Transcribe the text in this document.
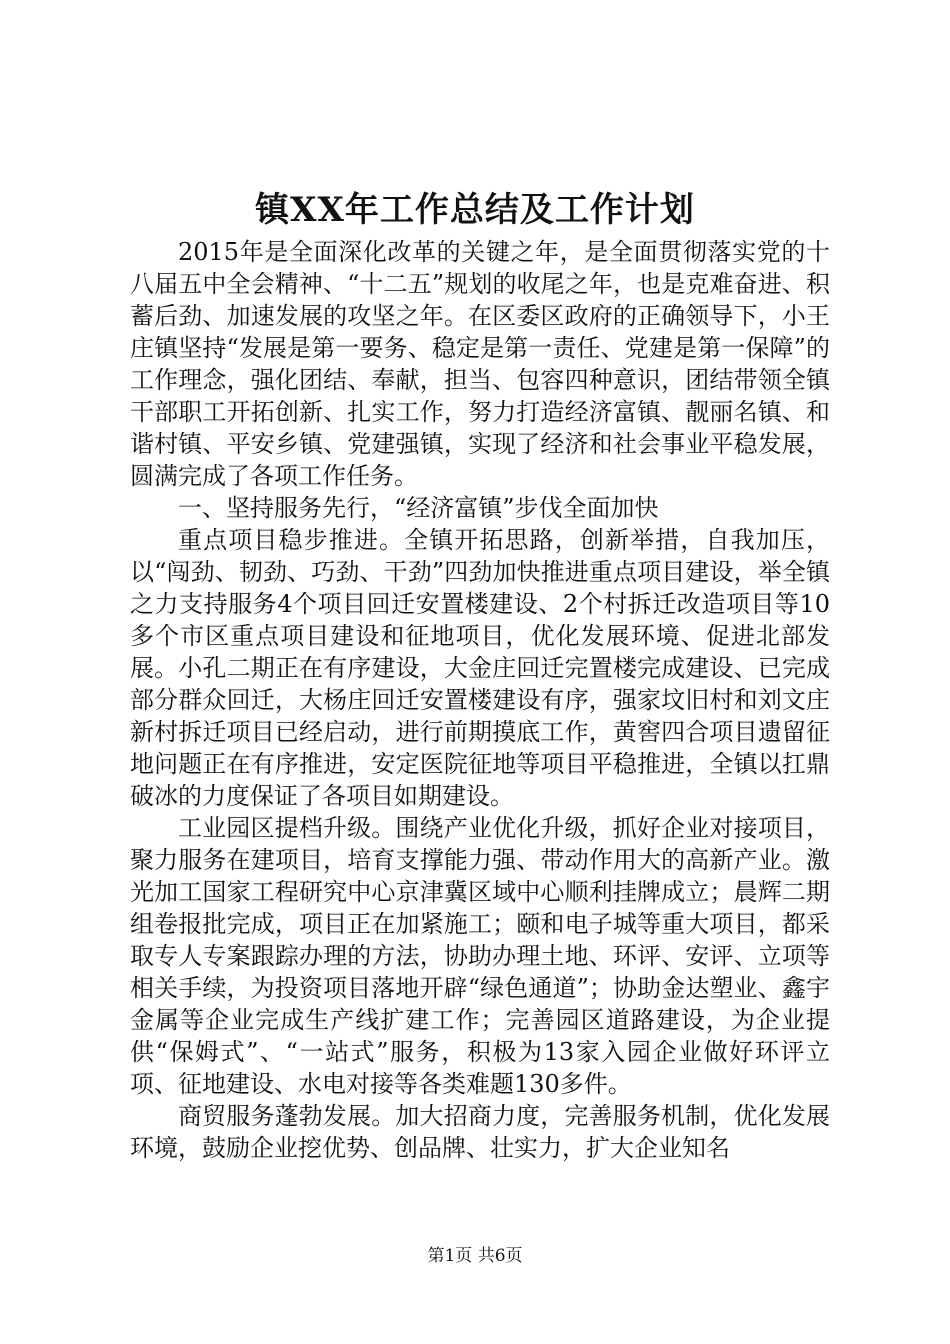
镇XX年工作总结及工作计划

2015年是全面深化改革的关键之年，是全面贯彻落实党的十八届五中全会精神、“十二五”规划的收尾之年，也是克难奋进、积蓄后劲、加速发展的攻坚之年。在区委区政府的正确领导下，小王庄镇坚持“发展是第一要务、稳定是第一责任、党建是第一保障”的工作理念，强化团结、奉献，担当、包容四种意识，团结带领全镇干部职工开拓创新、扎实工作，努力打造经济富镇、靓丽名镇、和谐村镇、平安乡镇、党建强镇，实现了经济和社会事业平稳发展，圆满完成了各项工作任务。

一、坚持服务先行，“经济富镇”步伐全面加快

重点项目稳步推进。全镇开拓思路，创新举措，自我加压，以“闯劲、韧劲、巧劲、干劲”四劲加快推进重点项目建设，举全镇之力支持服务4个项目回迁安置楼建设、2个村拆迁改造项目等10多个市区重点项目建设和征地项目，优化发展环境、促进北部发展。小孔二期正在有序建设，大金庄回迁完置楼完成建设、已完成部分群众回迁，大杨庄回迁安置楼建设有序，强家坟旧村和刘文庄新村拆迁项目已经启动，进行前期摸底工作，黄窖四合项目遗留征地问题正在有序推进，安定医院征地等项目平稳推进，全镇以扛鼎破冰的力度保证了各项目如期建设。

工业园区提档升级。围绕产业优化升级，抓好企业对接项目，聚力服务在建项目，培育支撑能力强、带动作用大的高新产业。激光加工国家工程研究中心京津冀区域中心顺利挂牌成立；晨辉二期组卷报批完成，项目正在加紧施工；颐和电子城等重大项目，都采取专人专案跟踪办理的方法，协助办理土地、环评、安评、立项等相关手续，为投资项目落地开辟“绿色通道”；协助金达塑业、鑫宇金属等企业完成生产线扩建工作；完善园区道路建设，为企业提供“保姆式”、“一站式”服务，积极为13家入园企业做好环评立项、征地建设、水电对接等各类难题130多件。

商贸服务蓬勃发展。加大招商力度，完善服务机制，优化发展环境，鼓励企业挖优势、创品牌、壮实力，扩大企业知名

第1页 共6页
